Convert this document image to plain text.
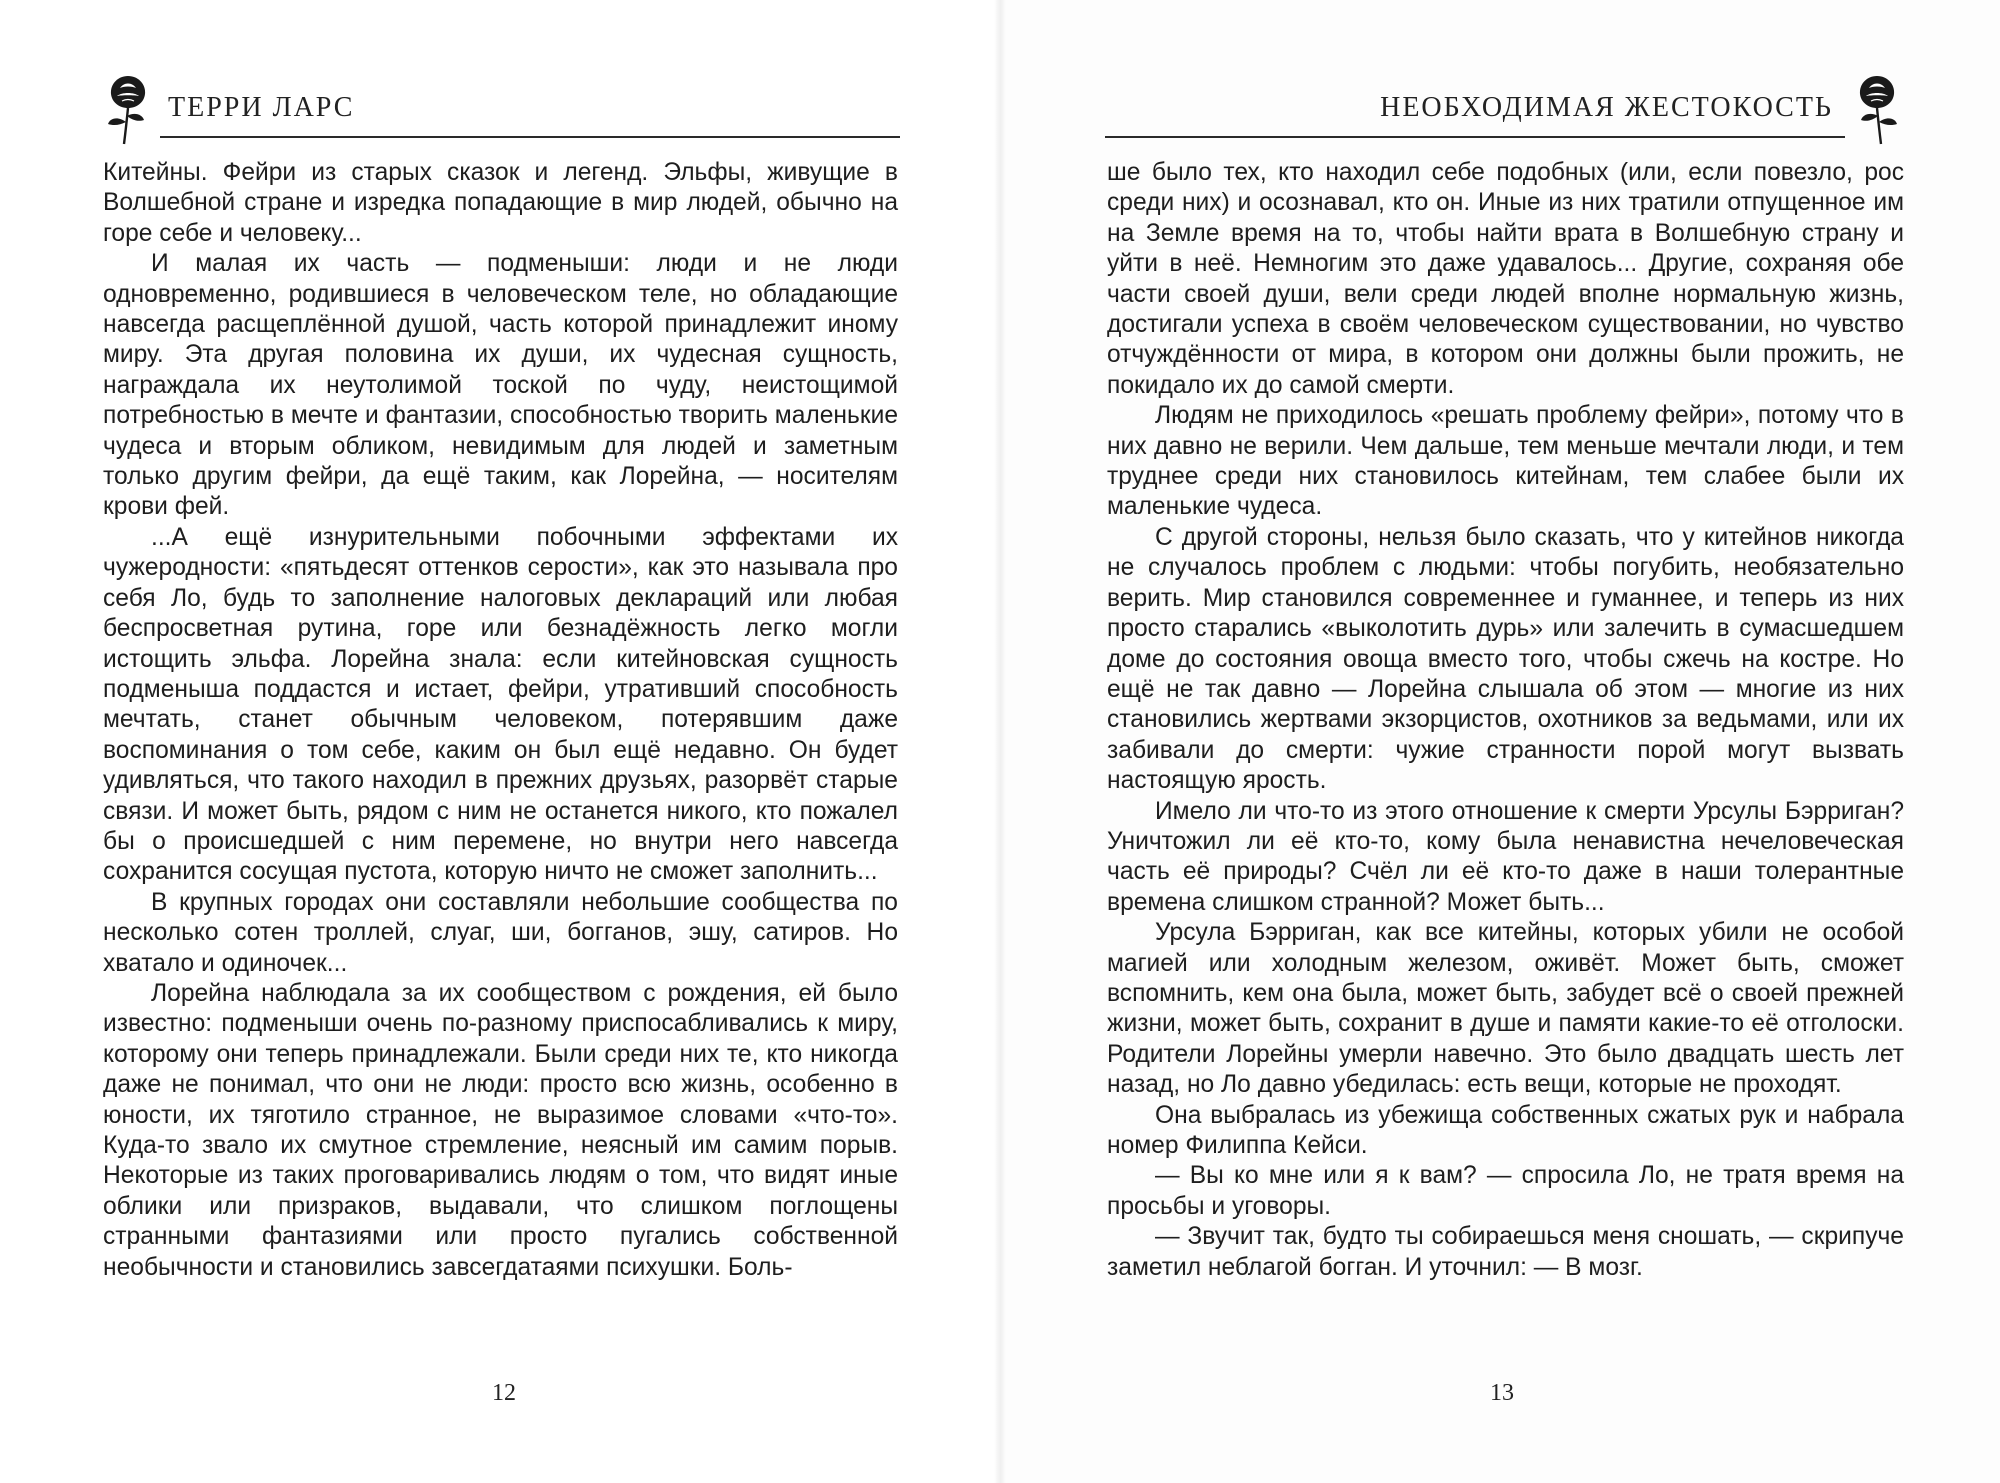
ТЕРРИ ЛАРС

Китейны. Фейри из старых сказок и легенд. Эльфы, живущие в Волшебной стране и изредка попадающие в мир людей, обычно на горе себе и человеку...

И малая их часть — подменыши: люди и не люди одновременно, родившиеся в человеческом теле, но обладающие навсегда расщеплённой душой, часть которой принадлежит иному миру. Эта другая половина их души, их чудесная сущность, награждала их неутолимой тоской по чуду, неистощимой потребностью в мечте и фантазии, способностью творить маленькие чудеса и вторым обликом, невидимым для людей и заметным только другим фейри, да ещё таким, как Лорейна, — носителям крови фей.

...А ещё изнурительными побочными эффектами их чужеродности: «пятьдесят оттенков серости», как это называла про себя Ло, будь то заполнение налоговых деклараций или любая беспросветная рутина, горе или безнадёжность легко могли истощить эльфа. Лорейна знала: если китейновская сущность подменыша поддастся и истает, фейри, утративший способность мечтать, станет обычным человеком, потерявшим даже воспоминания о том себе, каким он был ещё недавно. Он будет удивляться, что такого находил в прежних друзьях, разорвёт старые связи. И может быть, рядом с ним не останется никого, кто пожалел бы о происшедшей с ним перемене, но внутри него навсегда сохранится сосущая пустота, которую ничто не сможет заполнить...

В крупных городах они составляли небольшие сообщества по несколько сотен троллей, слуаг, ши, богганов, эшу, сатиров. Но хватало и одиночек...

Лорейна наблюдала за их сообществом с рождения, ей было известно: подменыши очень по-разному приспосабливались к миру, которому они теперь принадлежали. Были среди них те, кто никогда даже не понимал, что они не люди: просто всю жизнь, особенно в юности, их тяготило странное, не выразимое словами «что-то». Куда-то звало их смутное стремление, неясный им самим порыв. Некоторые из таких проговаривались людям о том, что видят иные облики или призраков, выдавали, что слишком поглощены странными фантазиями или просто пугались собственной необычности и становились завсегдатаями психушки. Боль-

12
НЕОБХОДИМАЯ ЖЕСТОКОСТЬ

ше было тех, кто находил себе подобных (или, если повезло, рос среди них) и осознавал, кто он. Иные из них тратили отпущенное им на Земле время на то, чтобы найти врата в Волшебную страну и уйти в неё. Немногим это даже удавалось... Другие, сохраняя обе части своей души, вели среди людей вполне нормальную жизнь, достигали успеха в своём человеческом существовании, но чувство отчуждённости от мира, в котором они должны были прожить, не покидало их до самой смерти.

Людям не приходилось «решать проблему фейри», потому что в них давно не верили. Чем дальше, тем меньше мечтали люди, и тем труднее среди них становилось китейнам, тем слабее были их маленькие чудеса.

С другой стороны, нельзя было сказать, что у китейнов никогда не случалось проблем с людьми: чтобы погубить, необязательно верить. Мир становился современнее и гуманнее, и теперь из них просто старались «выколотить дурь» или залечить в сумасшедшем доме до состояния овоща вместо того, чтобы сжечь на костре. Но ещё не так давно — Лорейна слышала об этом — многие из них становились жертвами экзорцистов, охотников за ведьмами, или их забивали до смерти: чужие странности порой могут вызвать настоящую ярость.

Имело ли что-то из этого отношение к смерти Урсулы Бэрриган? Уничтожил ли её кто-то, кому была ненавистна нечеловеческая часть её природы? Счёл ли её кто-то даже в наши толерантные времена слишком странной? Может быть...

Урсула Бэрриган, как все китейны, которых убили не особой магией или холодным железом, оживёт. Может быть, сможет вспомнить, кем она была, может быть, забудет всё о своей прежней жизни, может быть, сохранит в душе и памяти какие-то её отголоски. Родители Лорейны умерли навечно. Это было двадцать шесть лет назад, но Ло давно убедилась: есть вещи, которые не проходят.

Она выбралась из убежища собственных сжатых рук и набрала номер Филиппа Кейси.

— Вы ко мне или я к вам? — спросила Ло, не тратя время на просьбы и уговоры.

— Звучит так, будто ты собираешься меня сношать, — скрипуче заметил неблагой богган. И уточнил: — В мозг.

13
